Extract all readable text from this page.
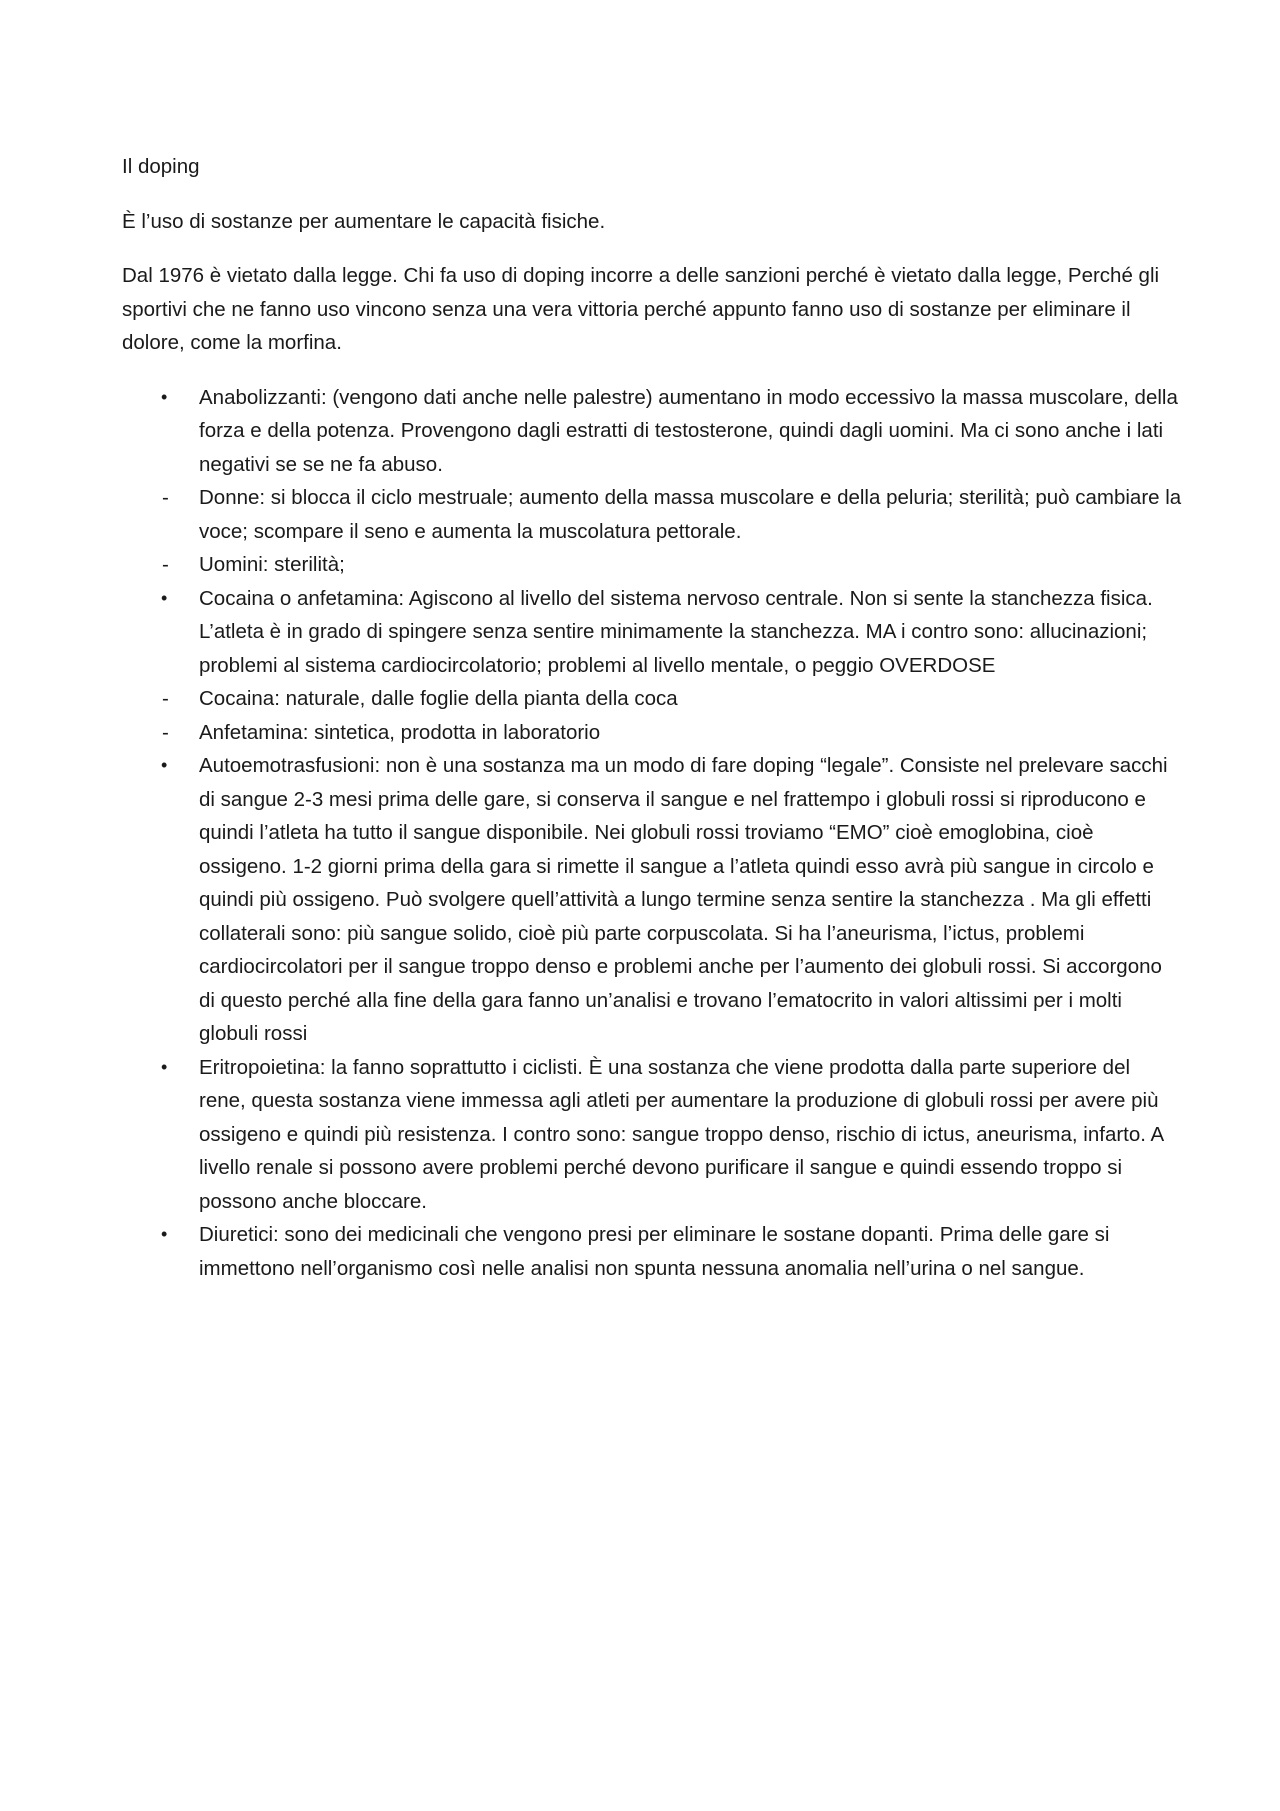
Il doping

È l’uso di sostanze per aumentare le capacità fisiche.

Dal 1976 è vietato dalla legge. Chi fa uso di doping incorre a delle sanzioni perché è vietato dalla legge, Perché gli sportivi che ne fanno uso vincono senza una vera vittoria perché appunto fanno uso di sostanze per eliminare il dolore, come la morfina.

• Anabolizzanti: (vengono dati anche nelle palestre) aumentano in modo eccessivo la massa muscolare, della forza e della potenza. Provengono dagli estratti di testosterone, quindi dagli uomini. Ma ci sono anche i lati negativi se se ne fa abuso.
- Donne: si blocca il ciclo mestruale; aumento della massa muscolare e della peluria; sterilità; può cambiare la voce; scompare il seno e aumenta la muscolatura pettorale.
- Uomini: sterilità;
• Cocaina o anfetamina: Agiscono al livello del sistema nervoso centrale. Non si sente la stanchezza fisica. L’atleta è in grado di spingere senza sentire minimamente la stanchezza. MA i contro sono: allucinazioni; problemi al sistema cardiocircolatorio; problemi al livello mentale, o peggio OVERDOSE
- Cocaina: naturale, dalle foglie della pianta della coca
- Anfetamina: sintetica, prodotta in laboratorio
• Autoemotrasfusioni: non è una sostanza ma un modo di fare doping “legale”. Consiste nel prelevare sacchi di sangue 2-3 mesi prima delle gare, si conserva il sangue e nel frattempo i globuli rossi si riproducono e quindi l’atleta ha tutto il sangue disponibile. Nei globuli rossi troviamo “EMO” cioè emoglobina, cioè ossigeno. 1-2 giorni prima della gara si rimette il sangue a l’atleta quindi esso avrà più sangue in circolo e quindi più ossigeno. Può svolgere quell’attività a lungo termine senza sentire la stanchezza . Ma gli effetti collaterali sono: più sangue solido, cioè più parte corpuscolata. Si ha l’aneurisma, l’ictus, problemi cardiocircolatori per il sangue troppo denso e problemi anche per l’aumento dei globuli rossi. Si accorgono di questo perché alla fine della gara fanno un’analisi e trovano l’ematocrito in valori altissimi per i molti globuli rossi
• Eritropoietina: la fanno soprattutto i ciclisti. È una sostanza che viene prodotta dalla parte superiore del rene, questa sostanza viene immessa agli atleti per aumentare la produzione di globuli rossi per avere più ossigeno e quindi più resistenza. I contro sono: sangue troppo denso, rischio di ictus, aneurisma, infarto. A livello renale si possono avere problemi perché devono purificare il sangue e quindi essendo troppo si possono anche bloccare.
• Diuretici: sono dei medicinali che vengono presi per eliminare le sostane dopanti. Prima delle gare si immettono nell’organismo così nelle analisi non spunta nessuna anomalia nell’urina o nel sangue.
